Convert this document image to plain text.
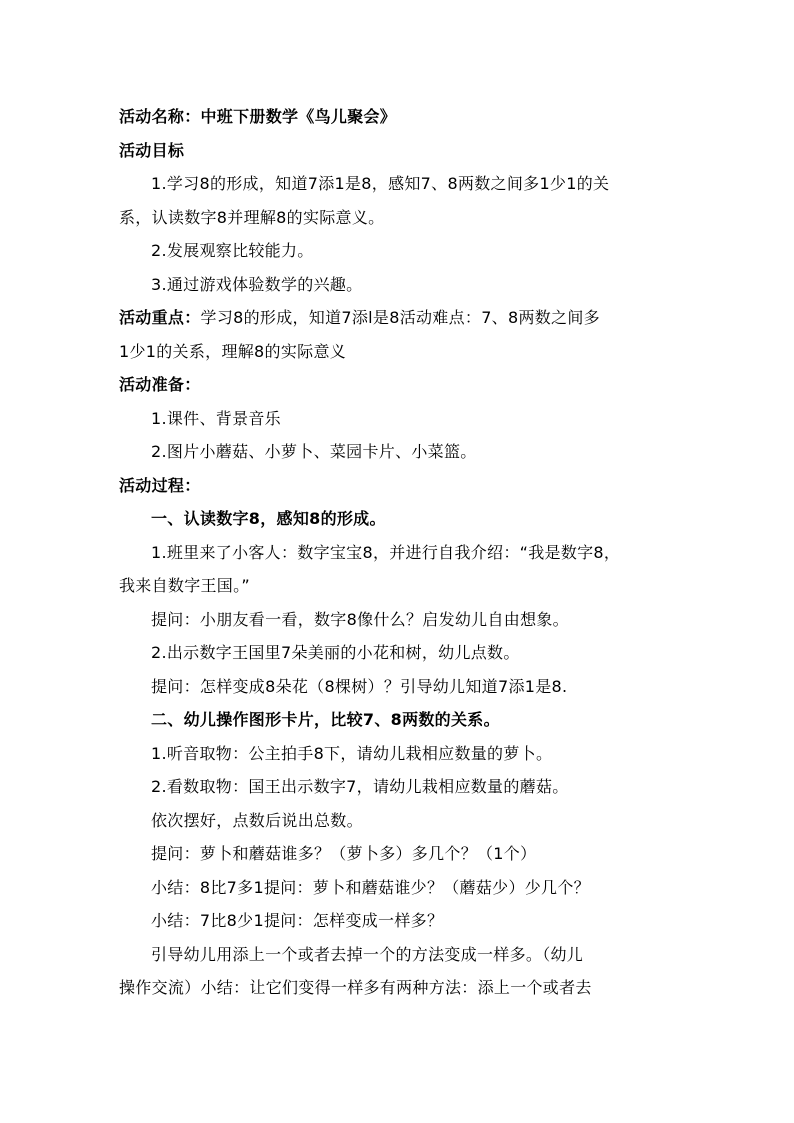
活动名称：中班下册数学《鸟儿聚会》
活动目标
1.学习8的形成，知道7添1是8，感知7、8两数之间多1少1的关
系，认读数字8并理解8的实际意义。
2.发展观察比较能力。
3.通过游戏体验数学的兴趣。
活动重点：学习8的形成，知道7添l是8活动难点：7、8两数之间多
1少1的关系，理解8的实际意义
活动准备：
1.课件、背景音乐
2.图片小蘑菇、小萝卜、菜园卡片、小菜篮。
活动过程：
一、认读数字8，感知8的形成。
1.班里来了小客人：数字宝宝8，并进行自我介绍：“我是数字8，
我来自数字王国。”
提问：小朋友看一看，数字8像什么？启发幼儿自由想象。
2.出示数字王国里7朵美丽的小花和树，幼儿点数。
提问：怎样变成8朵花（8棵树）？引导幼儿知道7添1是8.
二、幼儿操作图形卡片，比较7、8两数的关系。
1.听音取物：公主拍手8下，请幼儿栽相应数量的萝卜。
2.看数取物：国王出示数字7，请幼儿栽相应数量的蘑菇。
依次摆好，点数后说出总数。
提问：萝卜和蘑菇谁多？（萝卜多）多几个？（1个）
小结：8比7多1提问：萝卜和蘑菇谁少？（蘑菇少）少几个？
小结：7比8少1提问：怎样变成一样多？
引导幼儿用添上一个或者去掉一个的方法变成一样多。（幼儿
操作交流）小结：让它们变得一样多有两种方法：添上一个或者去
